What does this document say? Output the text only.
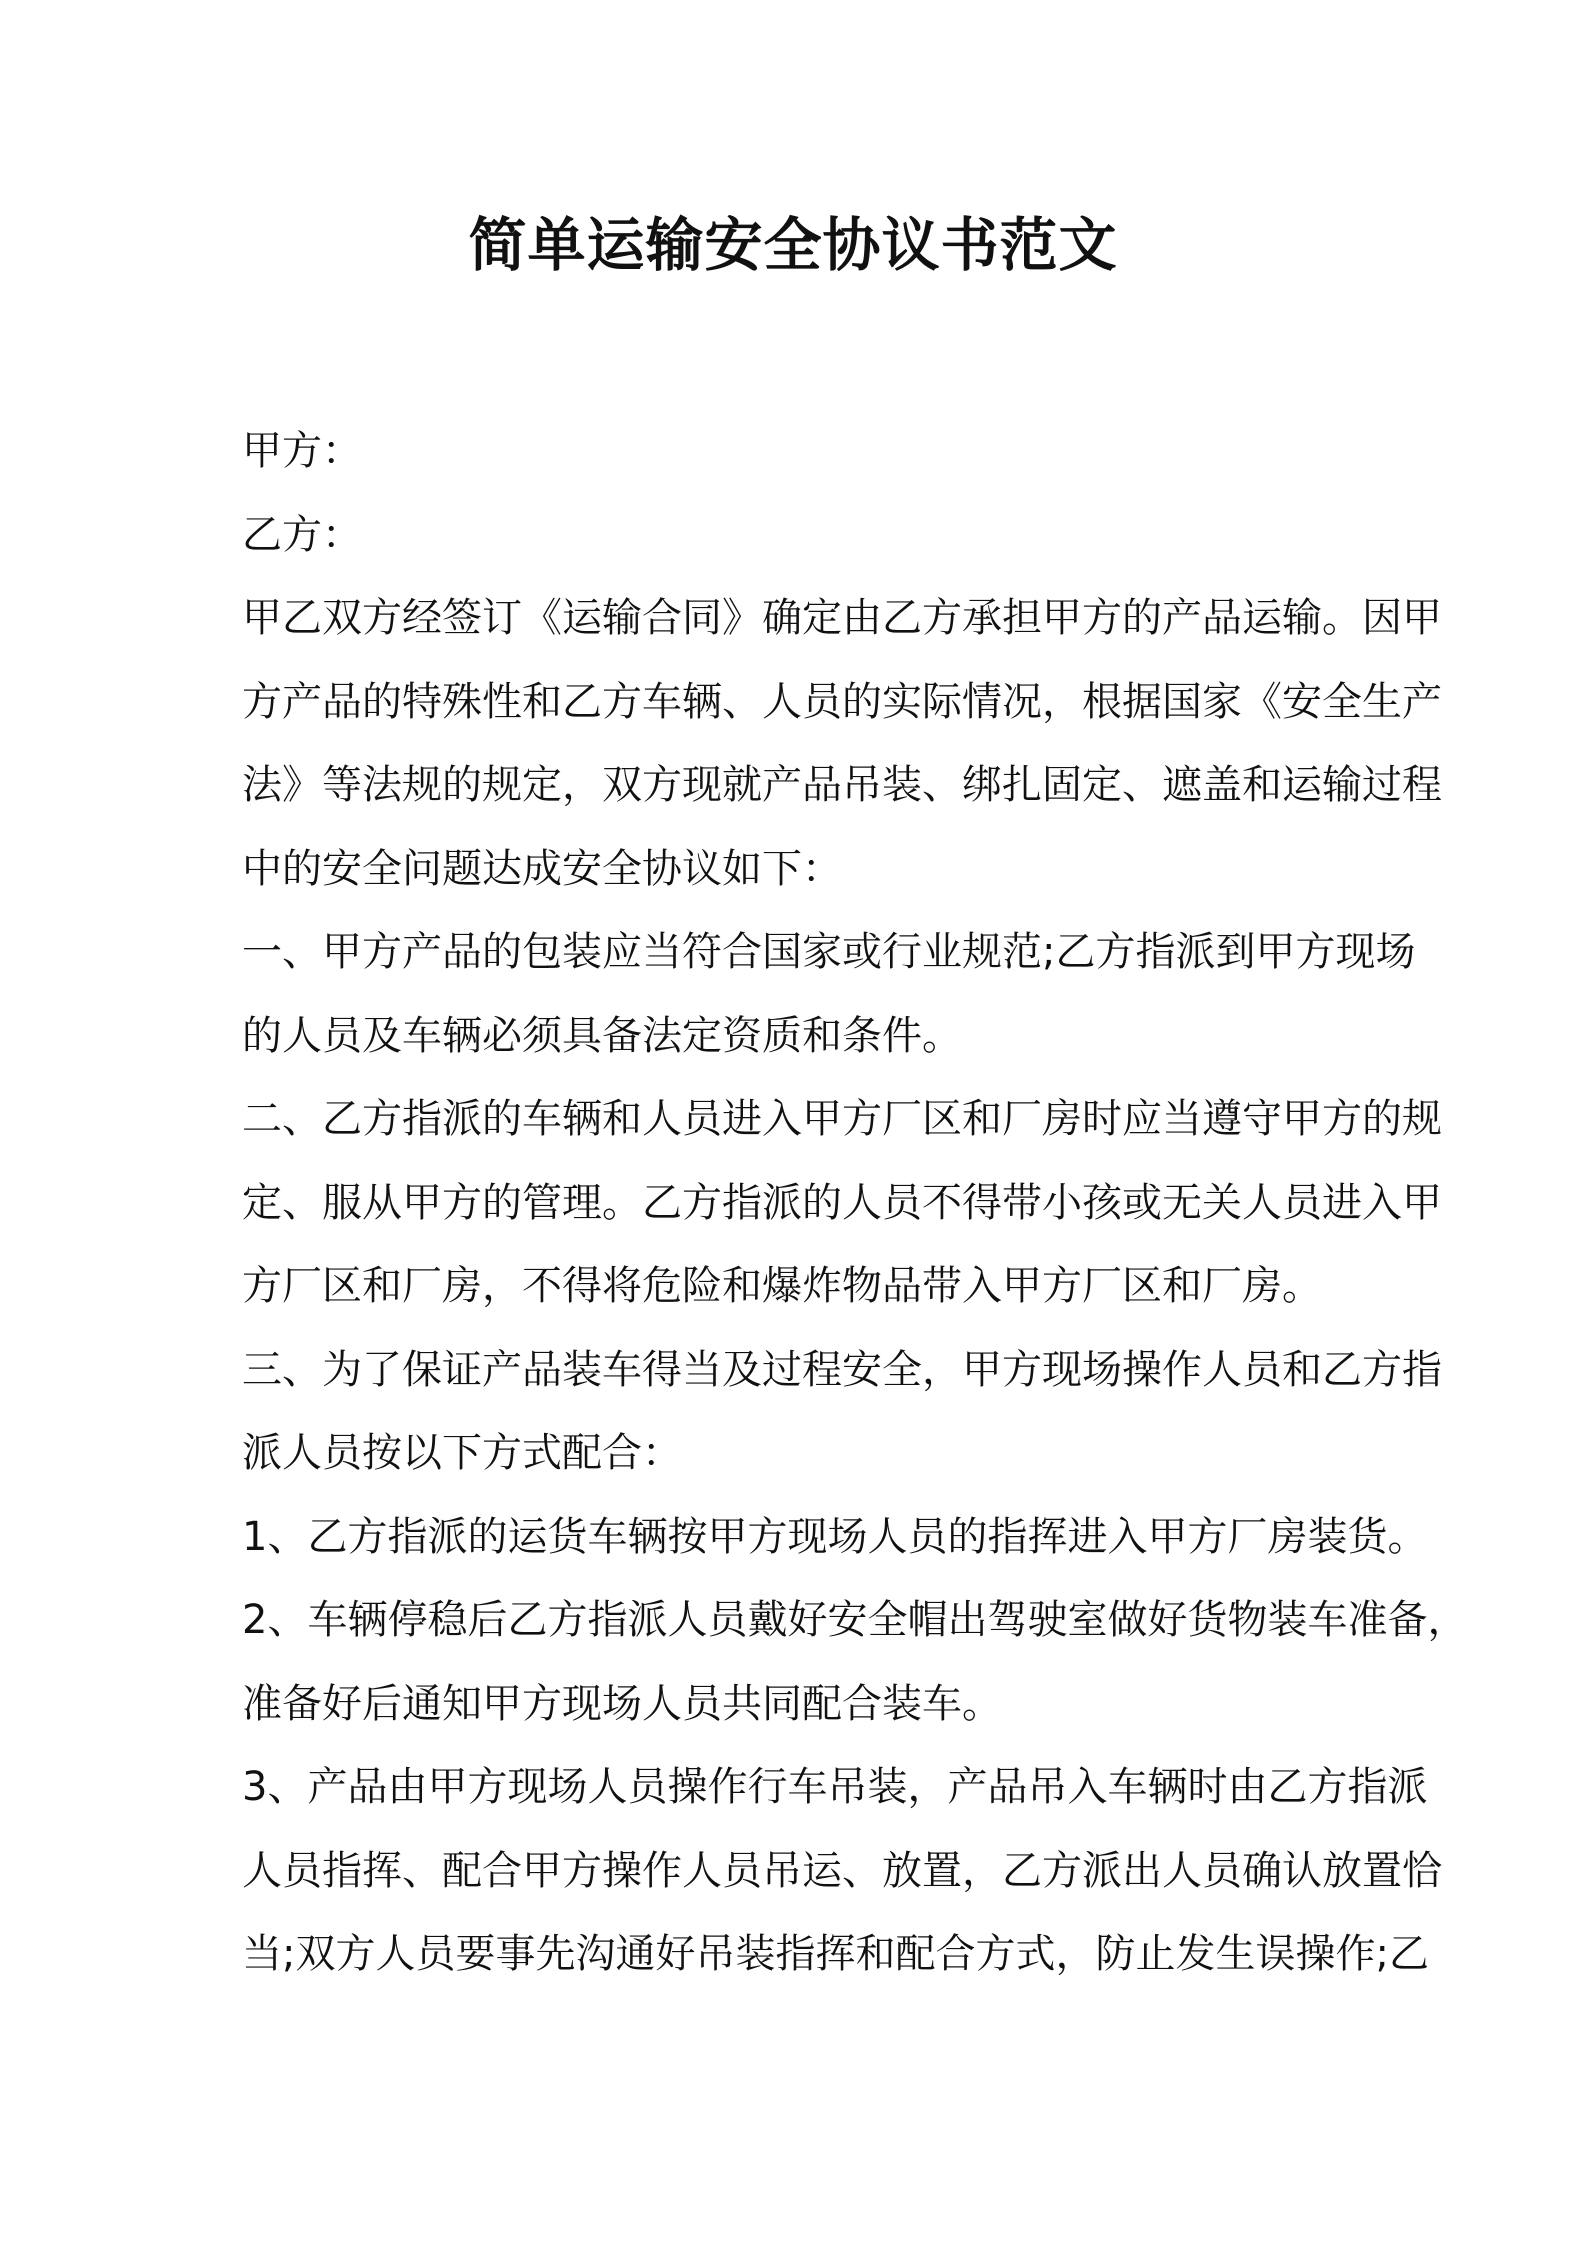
简单运输安全协议书范文
甲方：
乙方：
甲乙双方经签订《运输合同》确定由乙方承担甲方的产品运输。因甲
方产品的特殊性和乙方车辆、人员的实际情况，根据国家《安全生产
法》等法规的规定，双方现就产品吊装、绑扎固定、遮盖和运输过程
中的安全问题达成安全协议如下：
一、甲方产品的包装应当符合国家或行业规范;乙方指派到甲方现场
的人员及车辆必须具备法定资质和条件。
二、乙方指派的车辆和人员进入甲方厂区和厂房时应当遵守甲方的规
定、服从甲方的管理。乙方指派的人员不得带小孩或无关人员进入甲
方厂区和厂房，不得将危险和爆炸物品带入甲方厂区和厂房。
三、为了保证产品装车得当及过程安全，甲方现场操作人员和乙方指
派人员按以下方式配合：
1、乙方指派的运货车辆按甲方现场人员的指挥进入甲方厂房装货。
2、车辆停稳后乙方指派人员戴好安全帽出驾驶室做好货物装车准备，
准备好后通知甲方现场人员共同配合装车。
3、产品由甲方现场人员操作行车吊装，产品吊入车辆时由乙方指派
人员指挥、配合甲方操作人员吊运、放置，乙方派出人员确认放置恰
当;双方人员要事先沟通好吊装指挥和配合方式，防止发生误操作;乙
